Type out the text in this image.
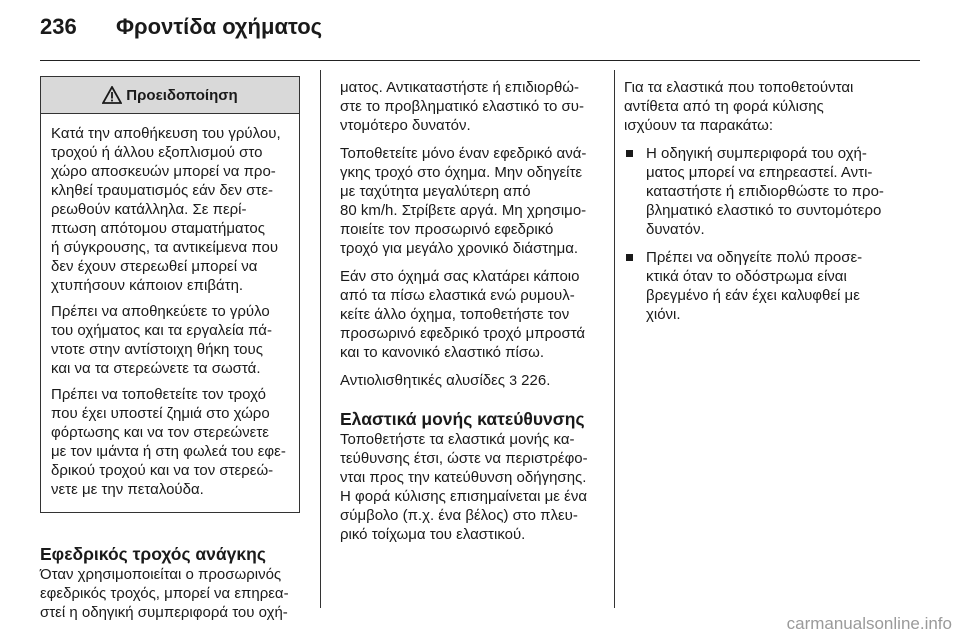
236 Φροντίδα οχήματος
Προειδοποίηση

Κατά την αποθήκευση του γρύλου,
τροχού ή άλλου εξοπλισμού στο
χώρο αποσκευών μπορεί να προ-
κληθεί τραυματισμός εάν δεν στε-
ρεωθούν κατάλληλα. Σε περί-
πτωση απότομου σταματήματος
ή σύγκρουσης, τα αντικείμενα που
δεν έχουν στερεωθεί μπορεί να
χτυπήσουν κάποιον επιβάτη.

Πρέπει να αποθηκεύετε το γρύλο
του οχήματος και τα εργαλεία πά-
ντοτε στην αντίστοιχη θήκη τους
και να τα στερεώνετε τα σωστά.

Πρέπει να τοποθετείτε τον τροχό
που έχει υποστεί ζημιά στο χώρο
φόρτωσης και να τον στερεώνετε
με τον ιμάντα ή στη φωλεά του εφε-
δρικού τροχού και να τον στερεώ-
νετε με την πεταλούδα.

Εφεδρικός τροχός ανάγκης

Όταν χρησιμοποιείται ο προσωρινός
εφεδρικός τροχός, μπορεί να επηρεα-
στεί η οδηγική συμπεριφορά του οχή-

ματος. Αντικαταστήστε ή επιδιορθώ-
στε το προβληματικό ελαστικό το συ-
ντομότερο δυνατόν.

Τοποθετείτε μόνο έναν εφεδρικό ανά-
γκης τροχό στο όχημα. Μην οδηγείτε
με ταχύτητα μεγαλύτερη από
80 km/h. Στρίβετε αργά. Μη χρησιμο-
ποιείτε τον προσωρινό εφεδρικό
τροχό για μεγάλο χρονικό διάστημα.

Εάν στο όχημά σας κλατάρει κάποιο
από τα πίσω ελαστικά ενώ ρυμουλ-
κείτε άλλο όχημα, τοποθετήστε τον
προσωρινό εφεδρικό τροχό μπροστά
και το κανονικό ελαστικό πίσω.

Αντιολισθητικές αλυσίδες 3 226.

Ελαστικά μονής κατεύθυνσης

Τοποθετήστε τα ελαστικά μονής κα-
τεύθυνσης έτσι, ώστε να περιστρέφο-
νται προς την κατεύθυνση οδήγησης.
Η φορά κύλισης επισημαίνεται με ένα
σύμβολο (π.χ. ένα βέλος) στο πλευ-
ρικό τοίχωμα του ελαστικού.

Για τα ελαστικά που τοποθετούνται
αντίθετα από τη φορά κύλισης
ισχύουν τα παρακάτω:

Η οδηγική συμπεριφορά του οχή-
ματος μπορεί να επηρεαστεί. Αντι-
καταστήστε ή επιδιορθώστε το προ-
βληματικό ελαστικό το συντομότερο
δυνατόν.
Πρέπει να οδηγείτε πολύ προσε-
κτικά όταν το οδόστρωμα είναι
βρεγμένο ή εάν έχει καλυφθεί με
χιόνι.
carmanualsonline.info
